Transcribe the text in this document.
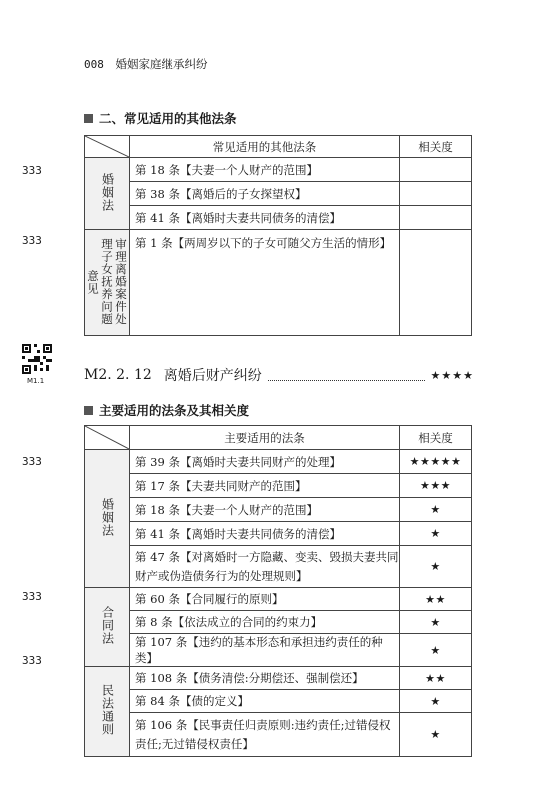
008 婚姻家庭继承纠纷
二、常见适用的其他法条
	常见适用的其他法条	相关度
婚姻法	第 18 条【夫妻一个人财产的范围】	
	第 38 条【离婚后的子女探望权】	
	第 41 条【离婚时夫妻共同债务的清偿】	
审理离婚案件处理子女抚养问题意见	第 1 条【两周岁以下的子女可随父方生活的情形】	
333
333
M1.1	M2. 2. 12 离婚后财产纠纷	★★★★
主要适用的法条及其相关度
	主要适用的法条	相关度
婚姻法	第 39 条【离婚时夫妻共同财产的处理】	★★★★★
	第 17 条【夫妻共同财产的范围】	★★★
	第 18 条【夫妻一个人财产的范围】	★
	第 41 条【离婚时夫妻共同债务的清偿】	★
	第 47 条【对离婚时一方隐藏、变卖、毁损夫妻共同财产或伪造债务行为的处理规则】	★
合同法	第 60 条【合同履行的原则】	★★
	第 8 条【依法成立的合同的约束力】	★
	第 107 条【违约的基本形态和承担违约责任的种类】	★
民法通则	第 108 条【债务清偿:分期偿还、强制偿还】	★★
	第 84 条【债的定义】	★
	第 106 条【民事责任归责原则:违约责任;过错侵权责任;无过错侵权责任】	★
333
333
333
